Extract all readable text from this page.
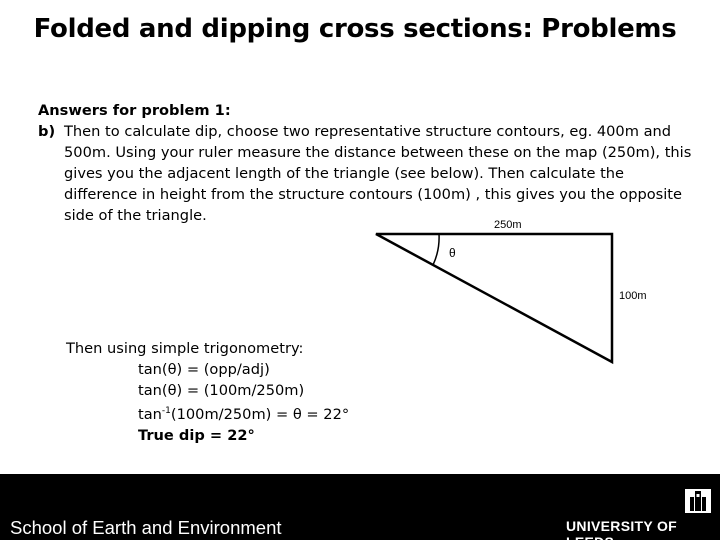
Folded and dipping cross sections: Problems
Answers for problem 1:
b) Then to calculate dip, choose two representative structure contours, eg. 400m and 500m. Using your ruler measure the distance between these on the map (250m), this gives you the adjacent length of the triangle (see below). Then calculate the difference in height from the structure contours (100m) , this gives you the opposite side of the triangle.
250m
θ
100m
Then using simple trigonometry:
tan(θ) = (opp/adj)
tan(θ) = (100m/250m)
$\tan^{-1}(100m/250m) = \theta = 22^\circ$
True dip = 22°
School of Earth and Environment	UNIVERSITY OF LEEDS
